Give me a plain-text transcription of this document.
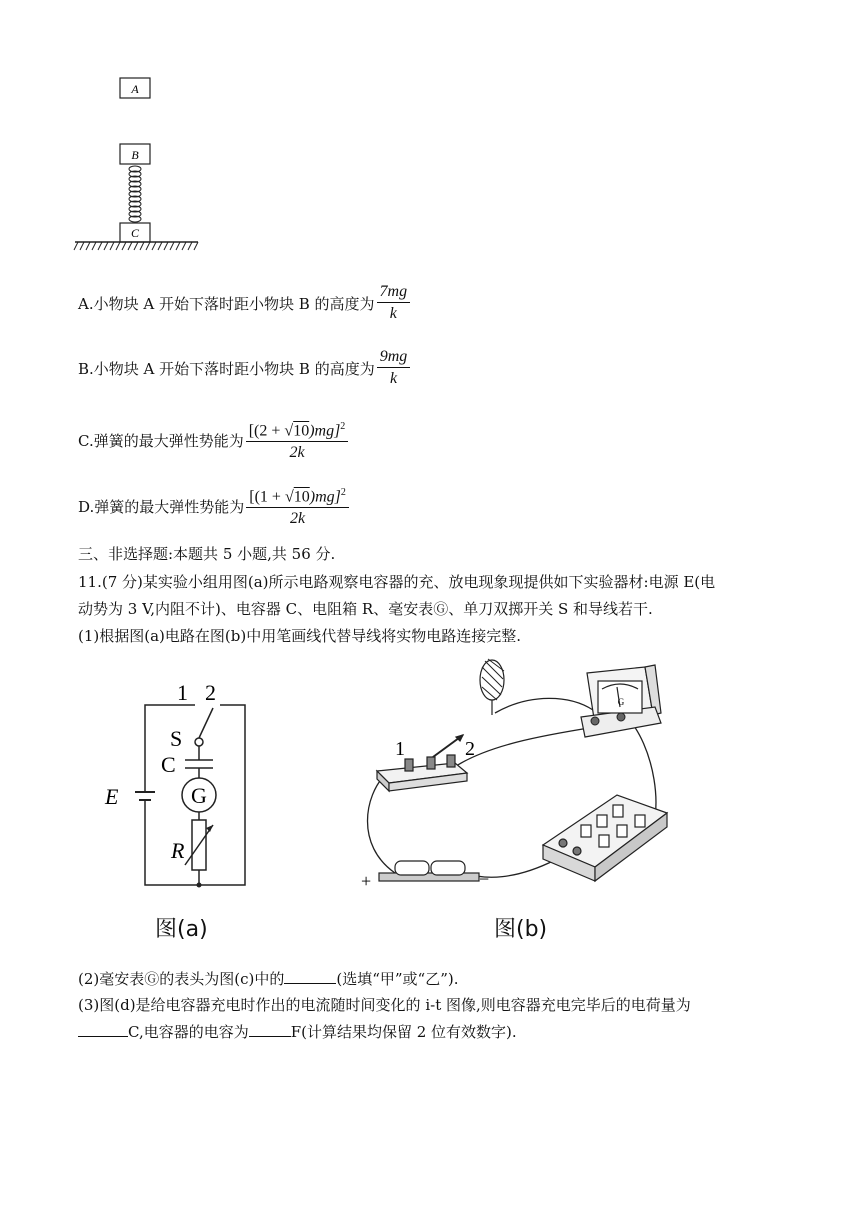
A
B
C
A.小物块 A 开始下落时距小物块 B 的高度为 $\frac{7mg}{k}$
B.小物块 A 开始下落时距小物块 B 的高度为 $\frac{9mg}{k}$
C.弹簧的最大弹性势能为 $\frac{[(2 + √10)mg]^2}{2k}$
D.弹簧的最大弹性势能为 $\frac{[(1 + √10)mg]^2}{2k}$
三、非选择题:本题共 5 小题,共 56 分.
11.(7 分)某实验小组用图(a)所示电路观察电容器的充、放电现象现提供如下实验器材:电源 E(电
动势为 3 V,内阻不计)、电容器 C、电阻箱 R、毫安表Ⓖ、单刀双掷开关 S 和导线若干.
(1)根据图(a)电路在图(b)中用笔画线代替导线将实物电路连接完整.
1 2
S
C
E	G
R
G
1	2
+	−
图(a)	图(b)
(2)毫安表Ⓖ的表头为图(c)中的	(选填“甲”或“乙”).
(3)图(d)是给电容器充电时作出的电流随时间变化的 i-t 图像,则电容器充电完毕后的电荷量为
C,电容器的电容为	F(计算结果均保留 2 位有效数字).
